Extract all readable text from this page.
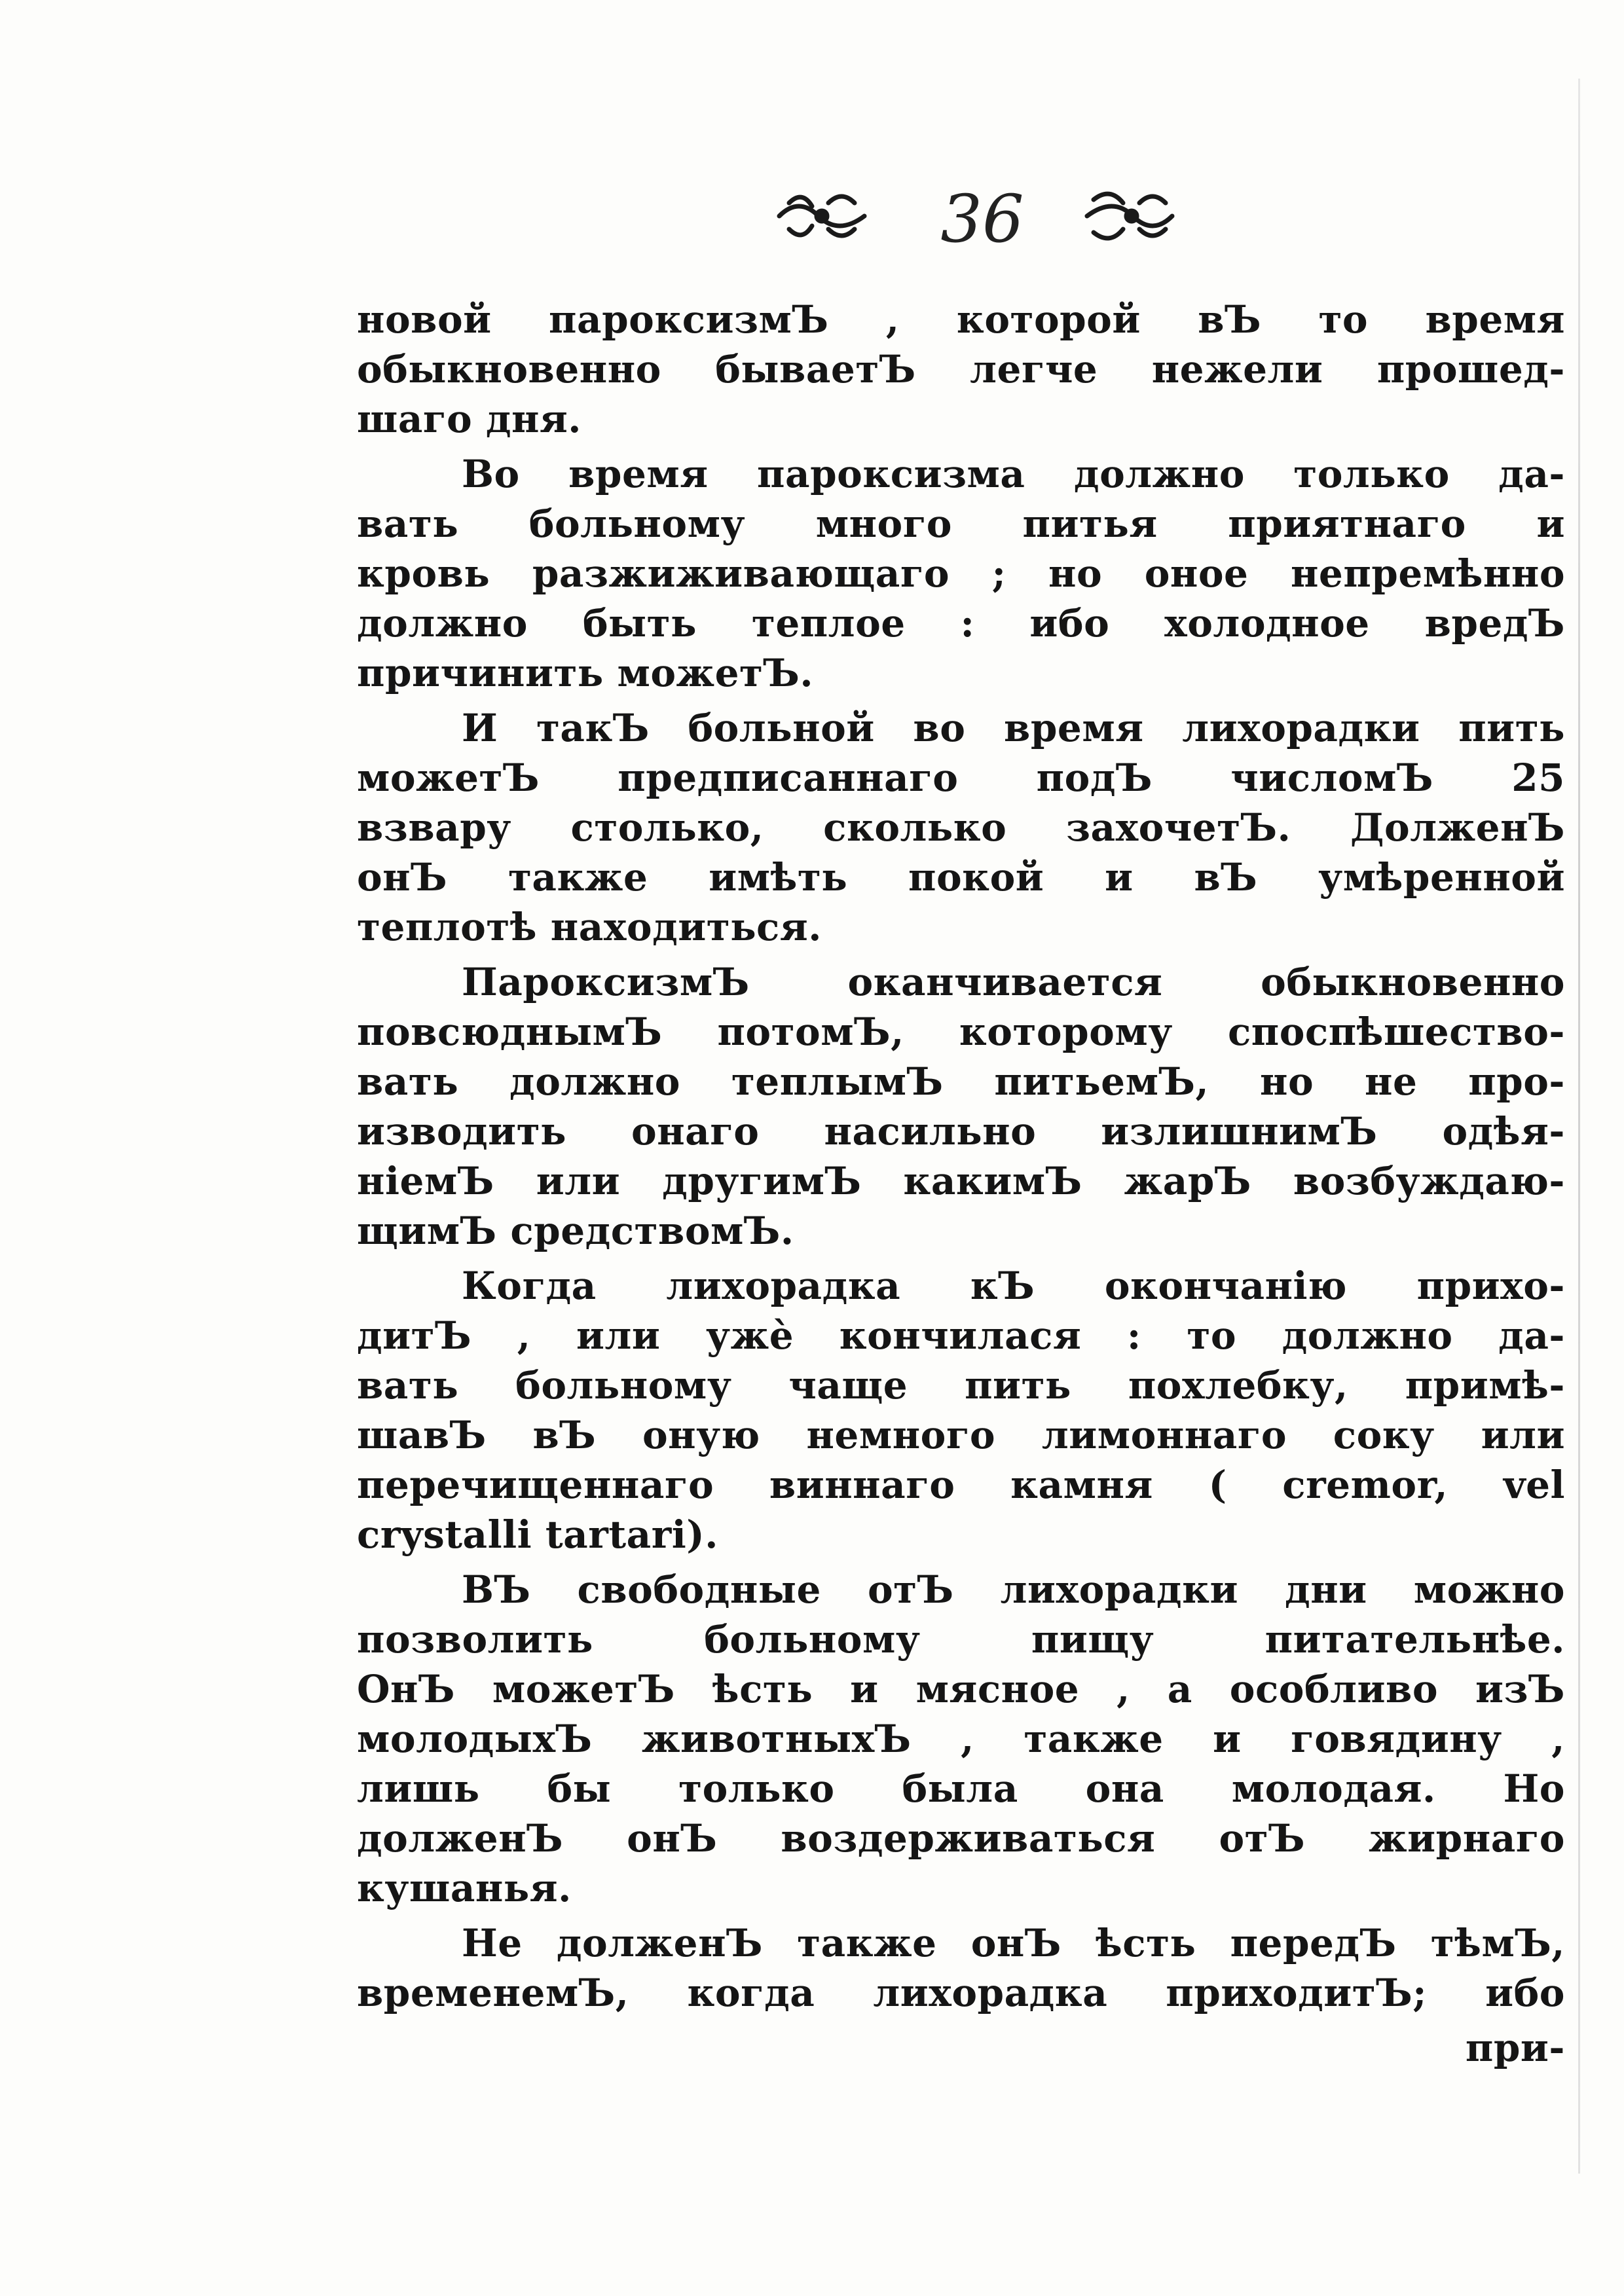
36
новой пароксизмЪ , которой вЪ то время
обыкновенно бываетЪ легче нежели прошед-
шаго дня.
Во время пароксизма должно только да-
вать больному много питья приятнаго и
кровь разжиживающаго ; но оное непремѣнно
должно быть теплое : ибо холодное вредЪ
причинить можетЪ.
И такЪ больной во время лихорадки пить
можетЪ предписаннаго подЪ числомЪ 25
взвару столько, сколько захочетЪ. ДолженЪ
онЪ также имѣть покой и вЪ умѣренной
теплотѣ находиться.
ПароксизмЪ оканчивается обыкновенно
повсюднымЪ потомЪ, которому споспѣшество-
вать должно теплымЪ питьемЪ, но не про-
изводить онаго насильно излишнимЪ одѣя-
ніемЪ или другимЪ какимЪ жарЪ возбуждаю-
щимЪ средствомЪ.
Когда лихорадка кЪ окончанію прихо-
дитЪ , или ужѐ кончилася : то должно да-
вать больному чаще пить похлебку, примѣ-
шавЪ вЪ оную немного лимоннаго соку или
перечищеннаго виннаго камня ( cremor, vel
crystalli tartari).
ВЪ свободные отЪ лихорадки дни можно
позволить больному пищу питательнѣе.
ОнЪ можетЪ ѣсть и мясное , а особливо изЪ
молодыхЪ животныхЪ , также и говядину ,
лишь бы только была она молодая. Но
долженЪ онЪ воздерживаться отЪ жирнаго
кушанья.
Не долженЪ также онЪ ѣсть передЪ тѣмЪ,
временемЪ, когда лихорадка приходитЪ; ибо
при-
